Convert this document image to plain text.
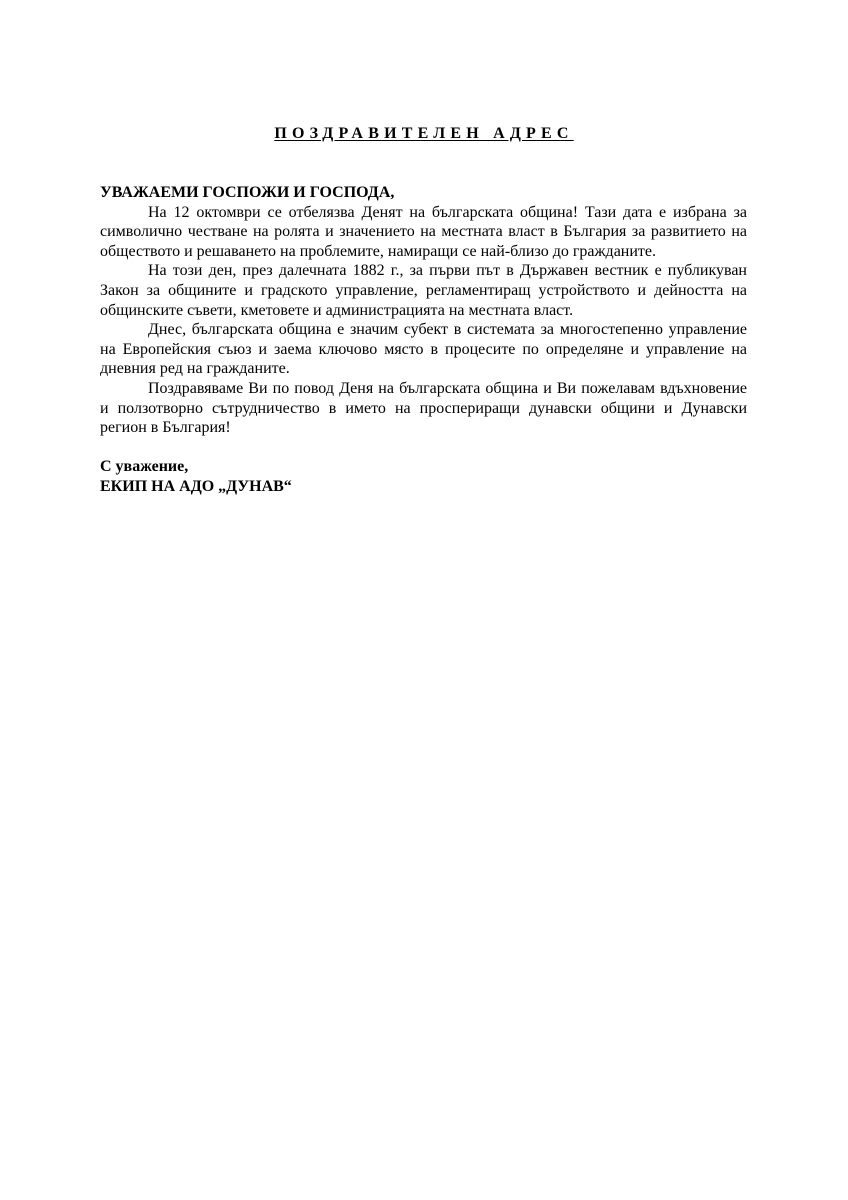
ПОЗДРАВИТЕЛЕН АДРЕС

УВАЖАЕМИ ГОСПОЖИ И ГОСПОДА,

На 12 октомври се отбелязва Денят на българската община! Тази дата е избрана за символично честване на ролята и значението на местната власт в България за развитието на обществото и решаването на проблемите, намиращи се най-близо до гражданите.

На този ден, през далечната 1882 г., за първи път в Държавен вестник е публикуван Закон за общините и градското управление, регламентиращ устройството и дейността на общинските съвети, кметовете и администрацията на местната власт.

Днес, българската община е значим субект в системата за многостепенно управление на Европейския съюз и заема ключово място в процесите по определяне и управление на дневния ред на гражданите.

Поздравяваме Ви по повод Деня на българската община и Ви пожелавам вдъхновение и ползотворно сътрудничество в името на проспериращи дунавски общини и Дунавски регион в България!

С уважение,

ЕКИП НА АДО „ДУНАВ“
